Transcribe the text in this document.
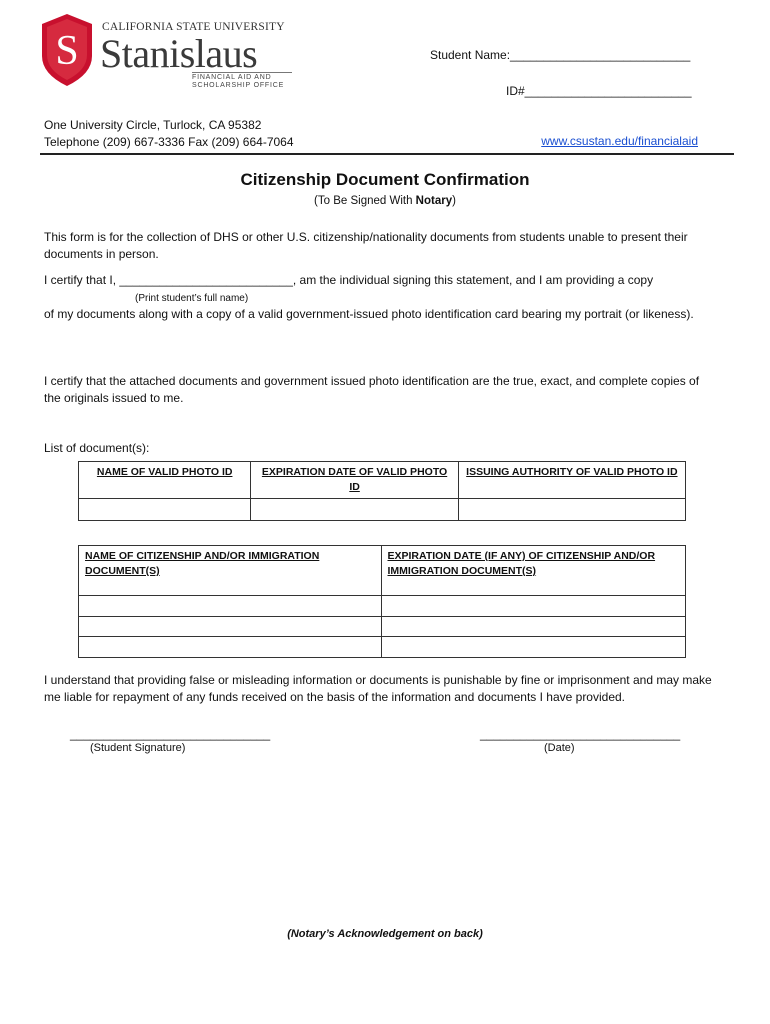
S
CALIFORNIA STATE UNIVERSITY
Stanislaus
FINANCIAL AID AND
SCHOLARSHIP OFFICE
Student Name:___________________________
ID#_________________________
One University Circle, Turlock, CA 95382
Telephone (209) 667-3336 Fax (209) 664-7064	www.csustan.edu/financialaid
Citizenship Document Confirmation
(To Be Signed With Notary)
This form is for the collection of DHS or other U.S. citizenship/nationality documents from students unable to present their documents in person.
I certify that I, __________________________, am the individual signing this statement, and I am providing a copy
(Print student’s full name)
of my documents along with a copy of a valid government-issued photo identification card bearing my portrait (or likeness).
I certify that the attached documents and government issued photo identification are the true, exact, and complete copies of the originals issued to me.
List of document(s):
NAME OF VALID PHOTO ID	EXPIRATION DATE OF VALID PHOTO ID	ISSUING AUTHORITY OF VALID PHOTO ID

NAME OF CITIZENSHIP AND/OR IMMIGRATION DOCUMENT(S)	EXPIRATION DATE (IF ANY) OF CITIZENSHIP AND/OR IMMIGRATION DOCUMENT(S)

I understand that providing false or misleading information or documents is punishable by fine or imprisonment and may make me liable for repayment of any funds received on the basis of the information and documents I have provided.
______________________________
(Student Signature)
______________________________
(Date)
(Notary’s Acknowledgement on back)
